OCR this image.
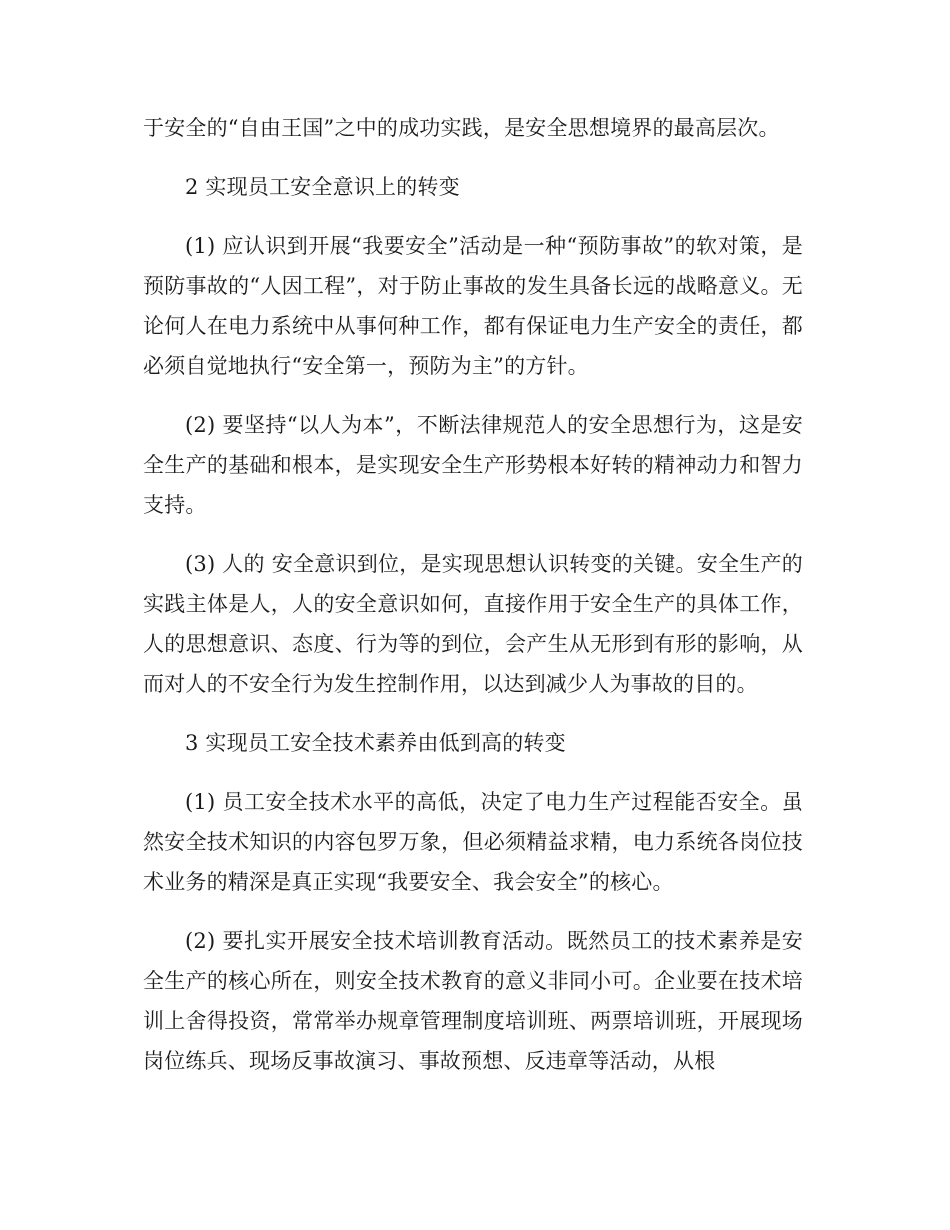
于安全的“自由王国”之中的成功实践，是安全思想境界的最高层次。

2 实现员工安全意识上的转变

(1) 应认识到开展“我要安全”活动是一种“预防事故”的软对策，是预防事故的“人因工程”，对于防止事故的发生具备长远的战略意义。无论何人在电力系统中从事何种工作，都有保证电力生产安全的责任，都必须自觉地执行“安全第一，预防为主”的方针。

(2) 要坚持“以人为本”，不断法律规范人的安全思想行为，这是安全生产的基础和根本，是实现安全生产形势根本好转的精神动力和智力支持。

(3) 人的 安全意识到位，是实现思想认识转变的关键。安全生产的实践主体是人，人的安全意识如何，直接作用于安全生产的具体工作，人的思想意识、态度、行为等的到位，会产生从无形到有形的影响，从而对人的不安全行为发生控制作用，以达到减少人为事故的目的。

3 实现员工安全技术素养由低到高的转变

(1) 员工安全技术水平的高低，决定了电力生产过程能否安全。虽然安全技术知识的内容包罗万象，但必须精益求精，电力系统各岗位技术业务的精深是真正实现“我要安全、我会安全”的核心。

(2) 要扎实开展安全技术培训教育活动。既然员工的技术素养是安全生产的核心所在，则安全技术教育的意义非同小可。企业要在技术培训上舍得投资，常常举办规章管理制度培训班、两票培训班，开展现场岗位练兵、现场反事故演习、事故预想、反违章等活动，从根
